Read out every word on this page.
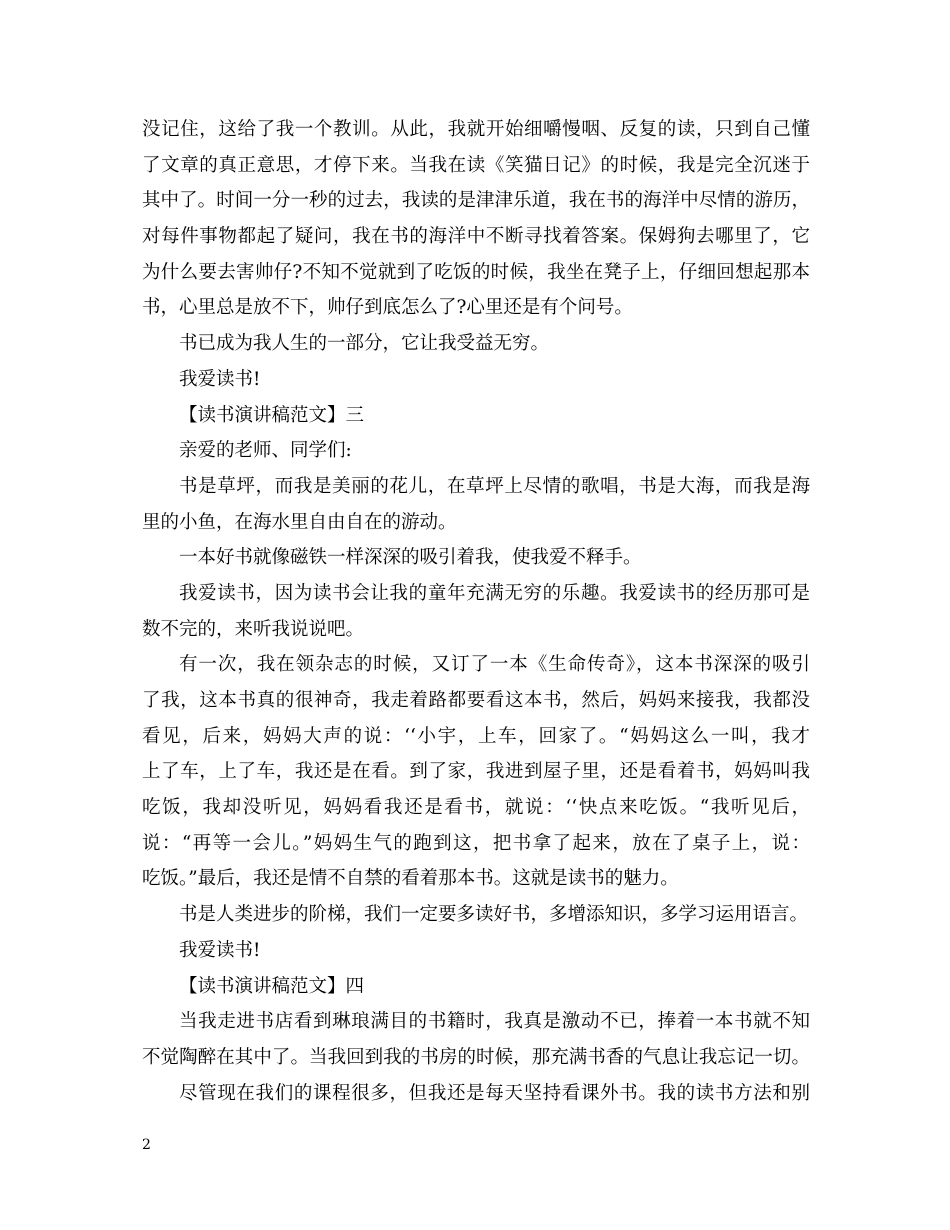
没记住，这给了我一个教训。从此，我就开始细嚼慢咽、反复的读，只到自己懂
了文章的真正意思，才停下来。当我在读《笑猫日记》的时候，我是完全沉迷于
其中了。时间一分一秒的过去，我读的是津津乐道，我在书的海洋中尽情的游历，
对每件事物都起了疑问，我在书的海洋中不断寻找着答案。保姆狗去哪里了，它
为什么要去害帅仔?不知不觉就到了吃饭的时候，我坐在凳子上，仔细回想起那本
书，心里总是放不下，帅仔到底怎么了?心里还是有个问号。
书已成为我人生的一部分，它让我受益无穷。
我爱读书!
【读书演讲稿范文】三
亲爱的老师、同学们:
书是草坪，而我是美丽的花儿，在草坪上尽情的歌唱，书是大海，而我是海
里的小鱼，在海水里自由自在的游动。
一本好书就像磁铁一样深深的吸引着我，使我爱不释手。
我爱读书，因为读书会让我的童年充满无穷的乐趣。我爱读书的经历那可是
数不完的，来听我说说吧。
有一次，我在领杂志的时候，又订了一本《生命传奇》，这本书深深的吸引
了我，这本书真的很神奇，我走着路都要看这本书，然后，妈妈来接我，我都没
看见，后来，妈妈大声的说：‘‘小宇，上车，回家了。“妈妈这么一叫，我才
上了车，上了车，我还是在看。到了家，我进到屋子里，还是看着书，妈妈叫我
吃饭，我却没听见，妈妈看我还是看书，就说：‘‘快点来吃饭。“我听见后，
说：“再等一会儿。”妈妈生气的跑到这，把书拿了起来，放在了桌子上，说：
吃饭。”最后，我还是情不自禁的看着那本书。这就是读书的魅力。
书是人类进步的阶梯，我们一定要多读好书，多增添知识，多学习运用语言。
我爱读书!
【读书演讲稿范文】四
当我走进书店看到琳琅满目的书籍时，我真是激动不已，捧着一本书就不知
不觉陶醉在其中了。当我回到我的书房的时候，那充满书香的气息让我忘记一切。
尽管现在我们的课程很多，但我还是每天坚持看课外书。我的读书方法和别
2
